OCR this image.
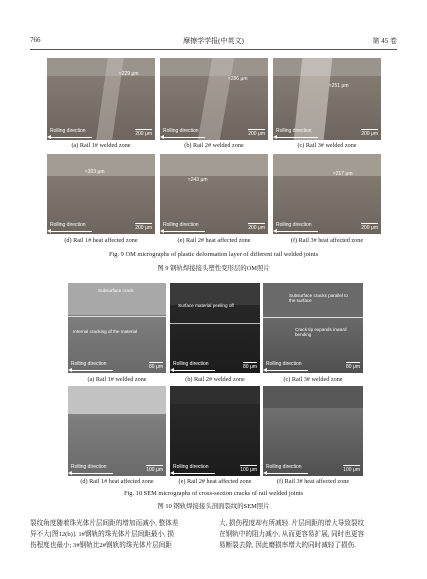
766	摩擦学学报(中英文)	第 45 卷
≈229 μm
Rolling direction	200 μm
≈286 μm
Rolling direction	200 μm
≈251 μm
Rolling direction	200 μm
(a) Rail 1# welded zone	(b) Rail 2# welded zone	(c) Rail 3# welded zone
≈203 μm
Rolling direction	200 μm
≈243 μm
Rolling direction	200 μm
≈217 μm
Rolling direction	200 μm
(d) Rail 1# heat affected zone	(e) Rail 2# heat affected zone	(f) Rail 3# heat affected zone
Fig. 9 OM micrographs of plastic deformation layer of different rail welded joints
图 9 钢轨焊接接头塑性变形层的OM照片
Subsurface crack
Internal cracking of the material
Rolling direction	80 μm
Surface material peeling off
Rolling direction	80 μm
Subsurface cracks parallel to the surface
Crack tip expands inward bending
Rolling direction	80 μm
(a) Rail 1# welded zone	(b) Rail 2# welded zone	(c) Rail 3# welded zone
Rolling direction	100 μm Rolling direction	100 μm Rolling direction	100 μm
(d) Rail 1# heat affected zone	(e) Rail 2# heat affected zone	(f) Rail 3# heat affected zone
Fig. 10 SEM micrographs of cross-section cracks of rail welded joints
图 10 钢轨焊接接头剖面裂纹的SEM照片
裂纹角度随着珠光体片层间距的增加而减小, 整体差
异不大[图12(b)]. 1#钢轨的珠光体片层间距最小, 损
伤程度也最小; 3#钢轨比2#钢轨的珠光体片层间距
大, 损伤程度却有所减轻. 片层间距的增大导致裂纹
在钢轨中的阻力减小, 从而更容易扩展, 同时也更容
易断裂去除, 因此磨损率增大的同时减轻了损伤.
